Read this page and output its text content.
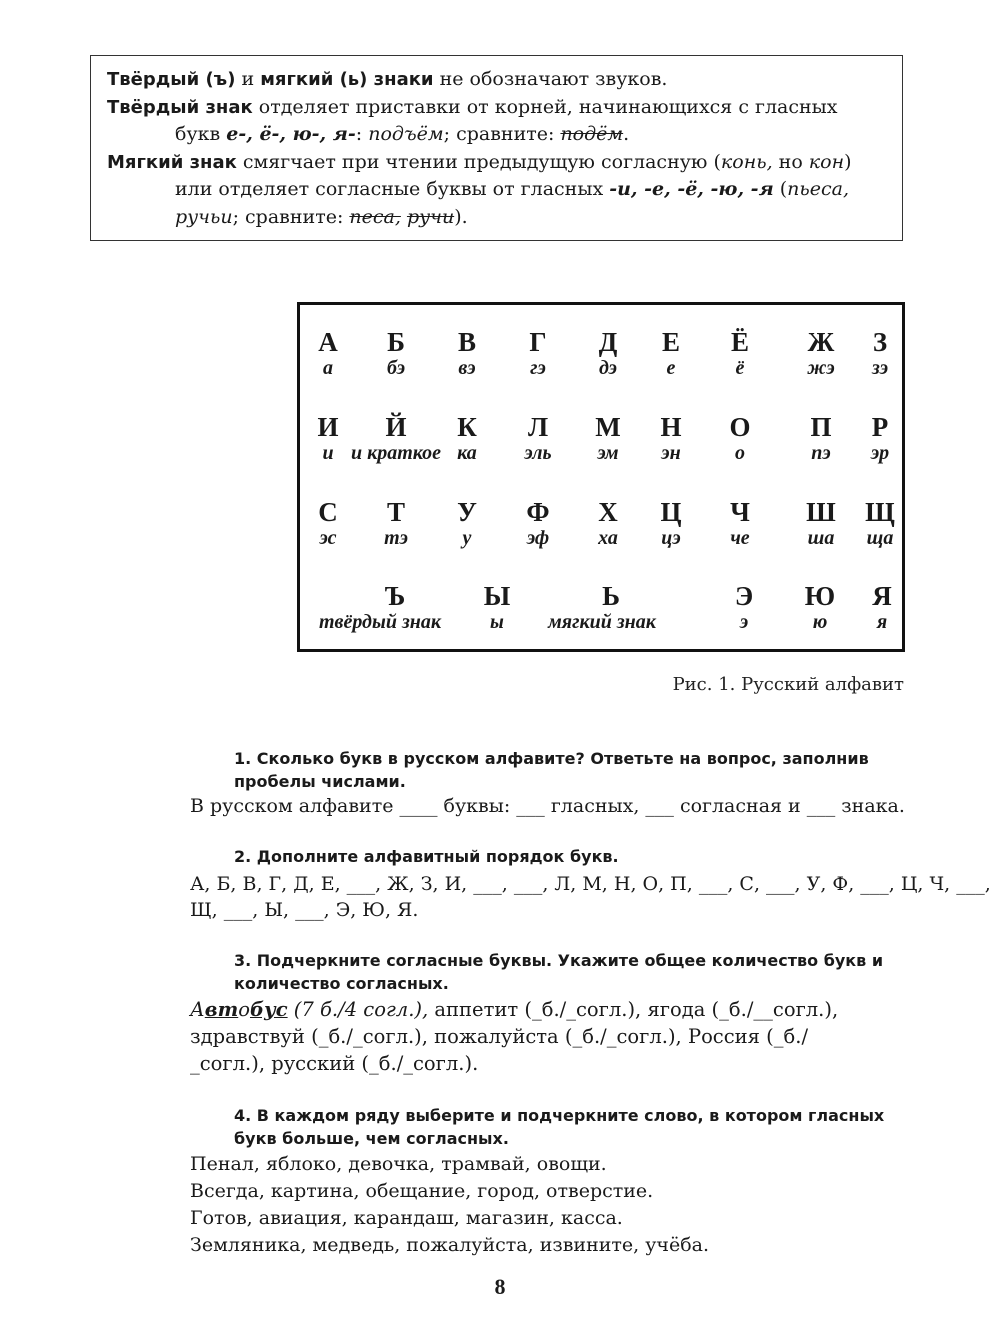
Твёрдый (ъ) и мягкий (ь) знаки не обозначают звуков.

Твёрдый знак отделяет приставки от корней, начинающихся с гласных

букв е-, ё-, ю-, я-: подъём; сравните: подём.

Мягкий знак смягчает при чтении предыдущую согласную (конь, но кон)

или отделяет согласные буквы от гласных -и, -е, -ё, -ю, -я (пьеса,

ручьи; сравните: песа, ручи).

А
а
Б
бэ
В
вэ
Г
гэ
Д
дэ
Е
е
Ё
ё
Ж
жэ
З
зэ
И
и
Й
и краткое
К
ка
Л
эль
М
эм
Н
эн
О
о
П
пэ
Р
эр
С
эс
Т
тэ
У
у
Ф
эф
Х
ха
Ц
цэ
Ч
че
Ш
ша
Щ
ща
Ъ
твёрдый знак
Ы
ы
Ь
мягкий знак
Э
э
Ю
ю
Я
я
Рис. 1. Русский алфавит
1. Сколько букв в русском алфавите? Ответьте на вопрос, заполнив
пробелы числами.
В русском алфавите ____ буквы: ___ гласных, ___ согласная и ___ знака.
2. Дополните алфавитный порядок букв.
А, Б, В, Г, Д, Е, ___, Ж, З, И, ___, ___, Л, М, Н, О, П, ___, С, ___, У, Ф, ___, Ц, Ч, ___,
Щ, ___, Ы, ___, Э, Ю, Я.
3. Подчеркните согласные буквы. Укажите общее количество букв и
количество согласных.
Автобус (7 б./4 согл.), аппетит (_б./_согл.), ягода (_б./__согл.),
здравствуй (_б./_согл.), пожалуйста (_б./_согл.), Россия (_б./
_согл.), русский (_б./_согл.).
4. В каждом ряду выберите и подчеркните слово, в котором гласных
букв больше, чем согласных.
Пенал, яблоко, девочка, трамвай, овощи.
Всегда, картина, обещание, город, отверстие.
Готов, авиация, карандаш, магазин, касса.
Земляника, медведь, пожалуйста, извините, учёба.
8
